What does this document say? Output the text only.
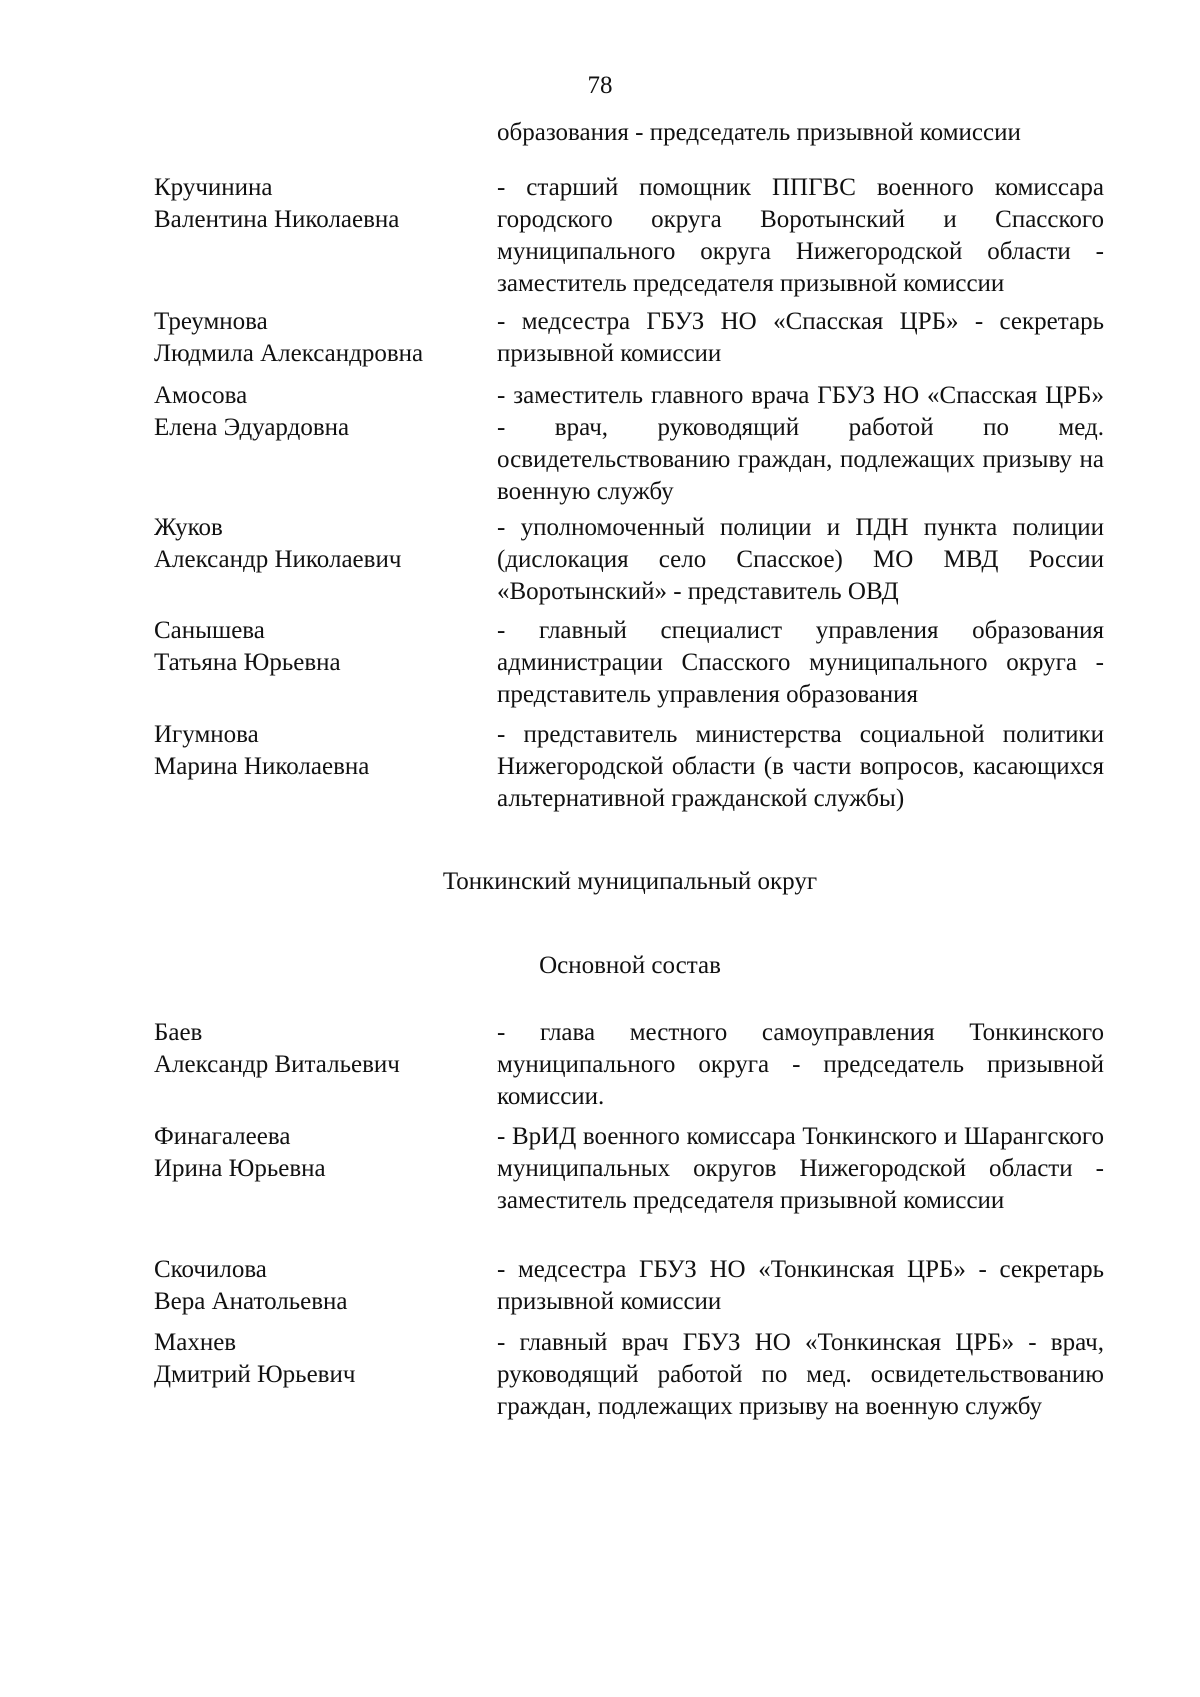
78
образования - председатель призывной комиссии
Кручинина
Валентина Николаевна
- старший помощник ППГВС военного комиссара городского округа Воротынский и Спасского муниципального округа Нижегородской области - заместитель председателя призывной комиссии
Треумнова
Людмила Александровна
- медсестра ГБУЗ НО «Спасская ЦРБ» - секретарь призывной комиссии
Амосова
Елена Эдуардовна
- заместитель главного врача ГБУЗ НО «Спасская ЦРБ» - врач, руководящий работой по мед. освидетельствованию граждан, подлежащих призыву на военную службу
Жуков
Александр Николаевич
- уполномоченный полиции и ПДН пункта полиции (дислокация село Спасское) МО МВД России «Воротынский» - представитель ОВД
Санышева
Татьяна Юрьевна
- главный специалист управления образования администрации Спасского муниципального округа - представитель управления образования
Игумнова
Марина Николаевна
- представитель министерства социальной политики Нижегородской области (в части вопросов, касающихся альтернативной гражданской службы)
Тонкинский муниципальный округ
Основной состав
Баев
Александр Витальевич
- глава местного самоуправления Тонкинского муниципального округа - председатель призывной комиссии.
Финагалеева
Ирина Юрьевна
- ВрИД военного комиссара Тонкинского и Шарангского муниципальных округов Нижегородской области - заместитель председателя призывной комиссии
Скочилова
Вера Анатольевна
- медсестра ГБУЗ НО «Тонкинская ЦРБ» - секретарь призывной комиссии
Махнев
Дмитрий Юрьевич
- главный врач ГБУЗ НО «Тонкинская ЦРБ» - врач, руководящий работой по мед. освидетельствованию граждан, подлежащих призыву на военную службу
